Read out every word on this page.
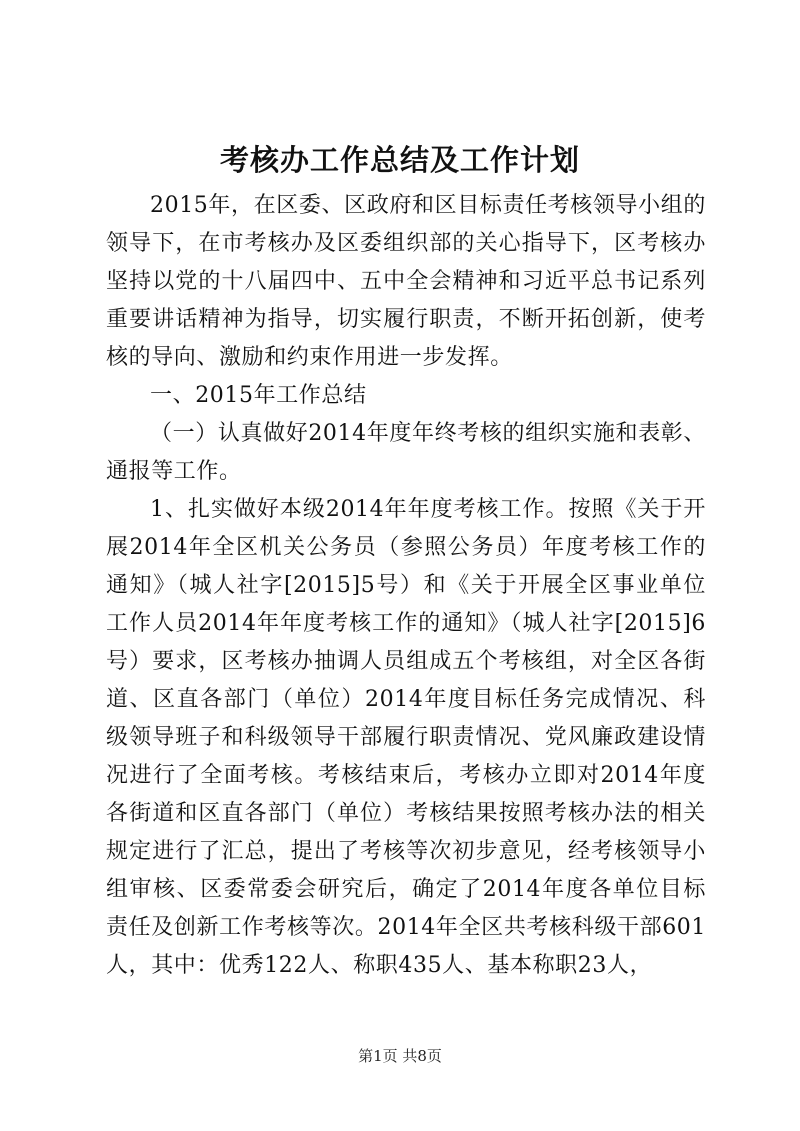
考核办工作总结及工作计划

2015年，在区委、区政府和区目标责任考核领导小组的领导下，在市考核办及区委组织部的关心指导下，区考核办坚持以党的十八届四中、五中全会精神和习近平总书记系列重要讲话精神为指导，切实履行职责，不断开拓创新，使考核的导向、激励和约束作用进一步发挥。

一、2015年工作总结

（一）认真做好2014年度年终考核的组织实施和表彰、通报等工作。

1、扎实做好本级2014年年度考核工作。按照《关于开展2014年全区机关公务员（参照公务员）年度考核工作的通知》（城人社字[2015]5号）和《关于开展全区事业单位工作人员2014年年度考核工作的通知》（城人社字[2015]6号）要求，区考核办抽调人员组成五个考核组，对全区各街道、区直各部门（单位）2014年度目标任务完成情况、科级领导班子和科级领导干部履行职责情况、党风廉政建设情况进行了全面考核。考核结束后，考核办立即对2014年度各街道和区直各部门（单位）考核结果按照考核办法的相关规定进行了汇总，提出了考核等次初步意见，经考核领导小组审核、区委常委会研究后，确定了2014年度各单位目标责任及创新工作考核等次。2014年全区共考核科级干部601人，其中：优秀122人、称职435人、基本称职23人，

第1页 共8页
